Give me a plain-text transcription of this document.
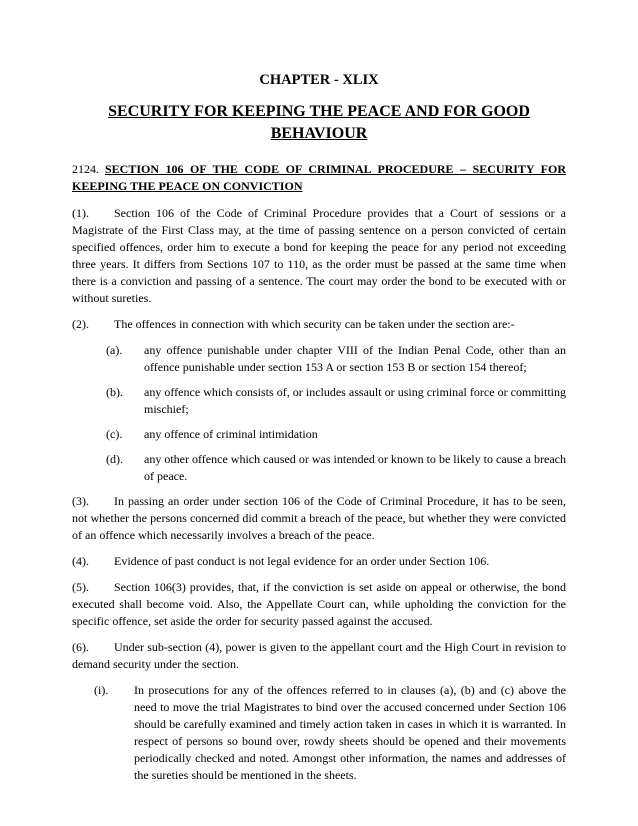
CHAPTER - XLIX
SECURITY FOR KEEPING THE PEACE AND FOR GOOD BEHAVIOUR
2124. SECTION 106 OF THE CODE OF CRIMINAL PROCEDURE – SECURITY FOR KEEPING THE PEACE ON CONVICTION

(1). Section 106 of the Code of Criminal Procedure provides that a Court of sessions or a Magistrate of the First Class may, at the time of passing sentence on a person convicted of certain specified offences, order him to execute a bond for keeping the peace for any period not exceeding three years. It differs from Sections 107 to 110, as the order must be passed at the same time when there is a conviction and passing of a sentence. The court may order the bond to be executed with or without sureties.

(2). The offences in connection with which security can be taken under the section are:-

(a).	any offence punishable under chapter VIII of the Indian Penal Code, other than an offence punishable under section 153 A or section 153 B or section 154 thereof;
(b).	any offence which consists of, or includes assault or using criminal force or committing mischief;
(c).	any offence of criminal intimidation
(d).	any other offence which caused or was intended or known to be likely to cause a breach of peace.

(3). In passing an order under section 106 of the Code of Criminal Procedure, it has to be seen, not whether the persons concerned did commit a breach of the peace, but whether they were convicted of an offence which necessarily involves a breach of the peace.

(4). Evidence of past conduct is not legal evidence for an order under Section 106.

(5). Section 106(3) provides, that, if the conviction is set aside on appeal or otherwise, the bond executed shall become void. Also, the Appellate Court can, while upholding the conviction for the specific offence, set aside the order for security passed against the accused.

(6). Under sub-section (4), power is given to the appellant court and the High Court in revision to demand security under the section.

(i).	In prosecutions for any of the offences referred to in clauses (a), (b) and (c) above the need to move the trial Magistrates to bind over the accused concerned under Section 106 should be carefully examined and timely action taken in cases in which it is warranted. In respect of persons so bound over, rowdy sheets should be opened and their movements periodically checked and noted. Amongst other information, the names and addresses of the sureties should be mentioned in the sheets.
